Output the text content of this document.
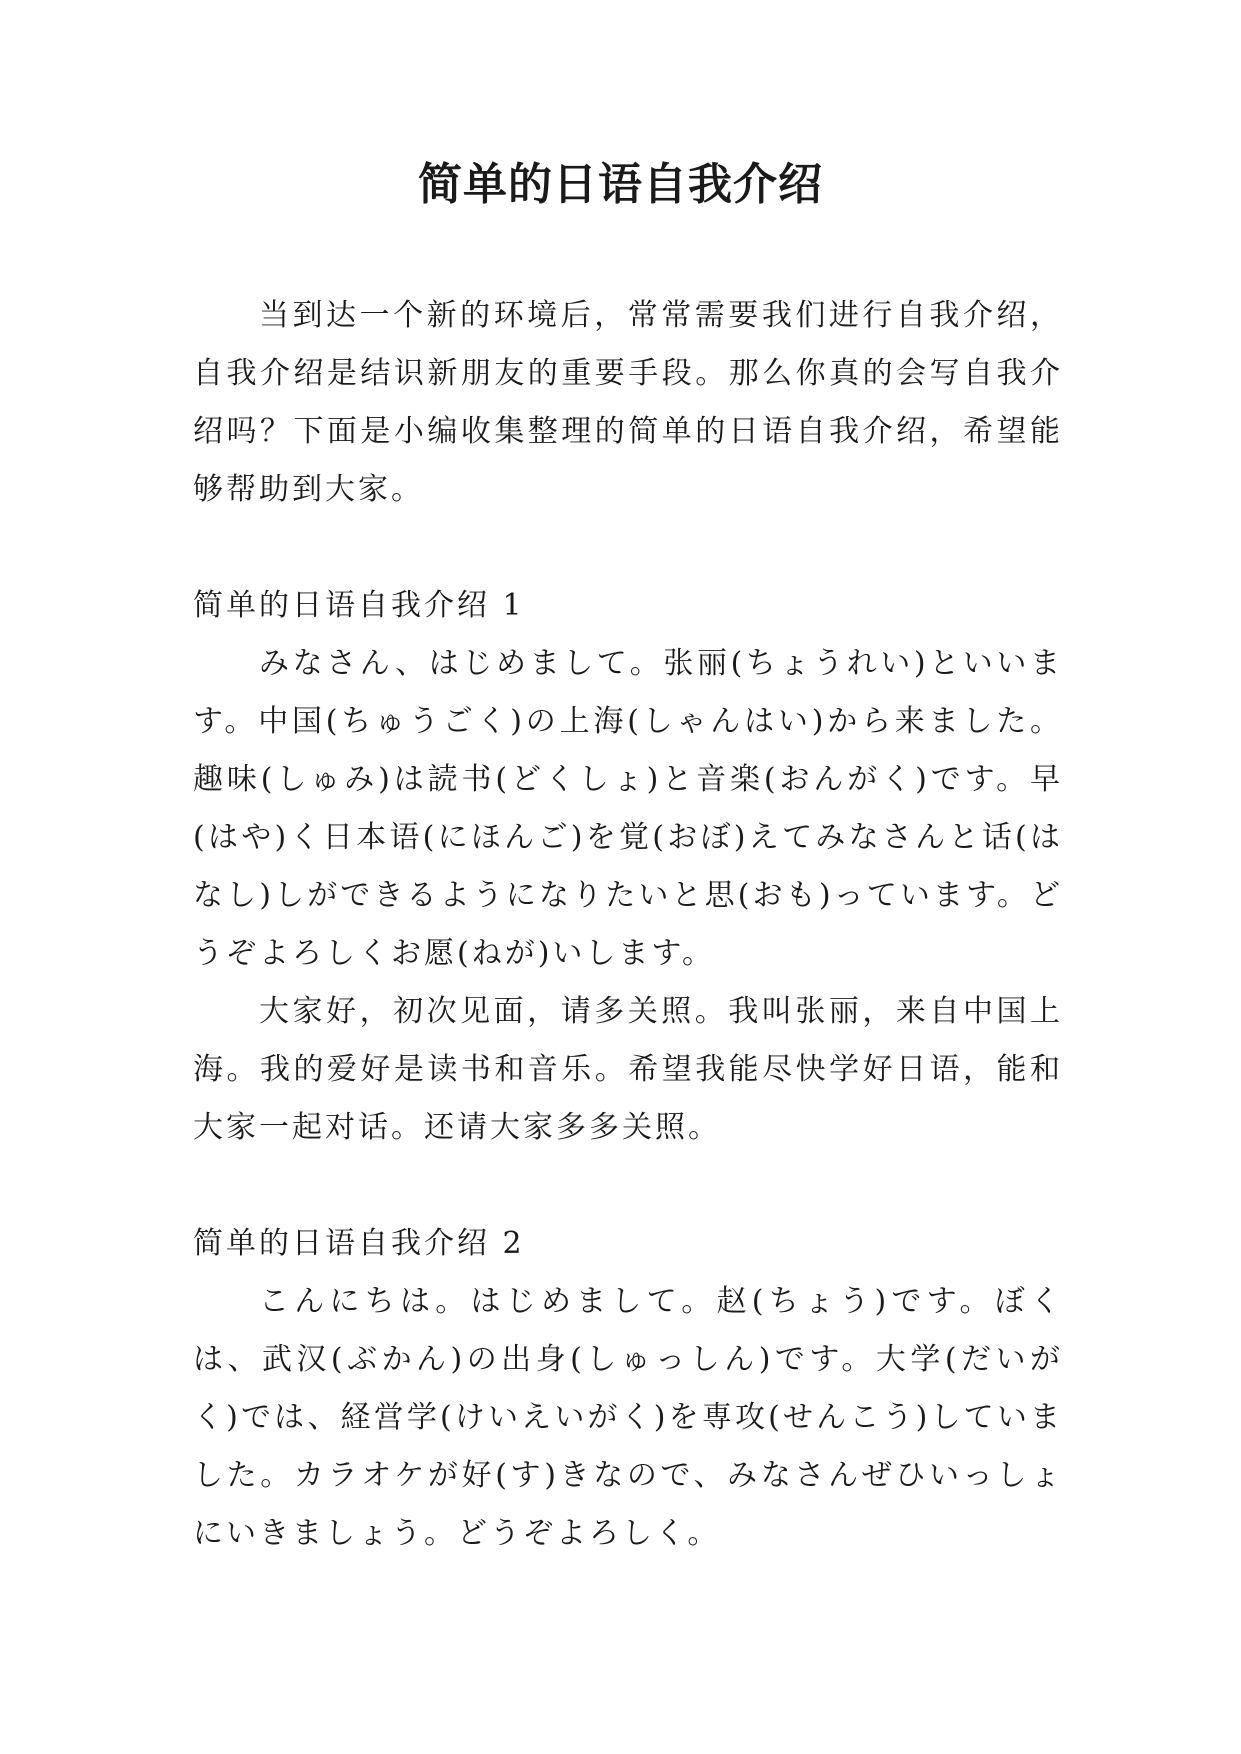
简单的日语自我介绍

当到达一个新的环境后，常常需要我们进行自我介绍，自我介绍是结识新朋友的重要手段。那么你真的会写自我介绍吗？下面是小编收集整理的简单的日语自我介绍，希望能够帮助到大家。

简单的日语自我介绍 1

みなさん、はじめまして。张丽(ちょうれい)といいます。中国(ちゅうごく)の上海(しゃんはい)から来ました。趣味(しゅみ)は読书(どくしょ)と音楽(おんがく)です。早(はや)く日本语(にほんご)を覚(おぼ)えてみなさんと话(はなし)しができるようになりたいと思(おも)っています。どうぞよろしくお愿(ねが)いします。

大家好，初次见面，请多关照。我叫张丽，来自中国上海。我的爱好是读书和音乐。希望我能尽快学好日语，能和大家一起对话。还请大家多多关照。

简单的日语自我介绍 2

こんにちは。はじめまして。赵(ちょう)です。ぼくは、武汉(ぶかん)の出身(しゅっしん)です。大学(だいがく)では、経営学(けいえいがく)を専攻(せんこう)していました。カラオケが好(す)きなので、みなさんぜひいっしょにいきましょう。どうぞよろしく。
